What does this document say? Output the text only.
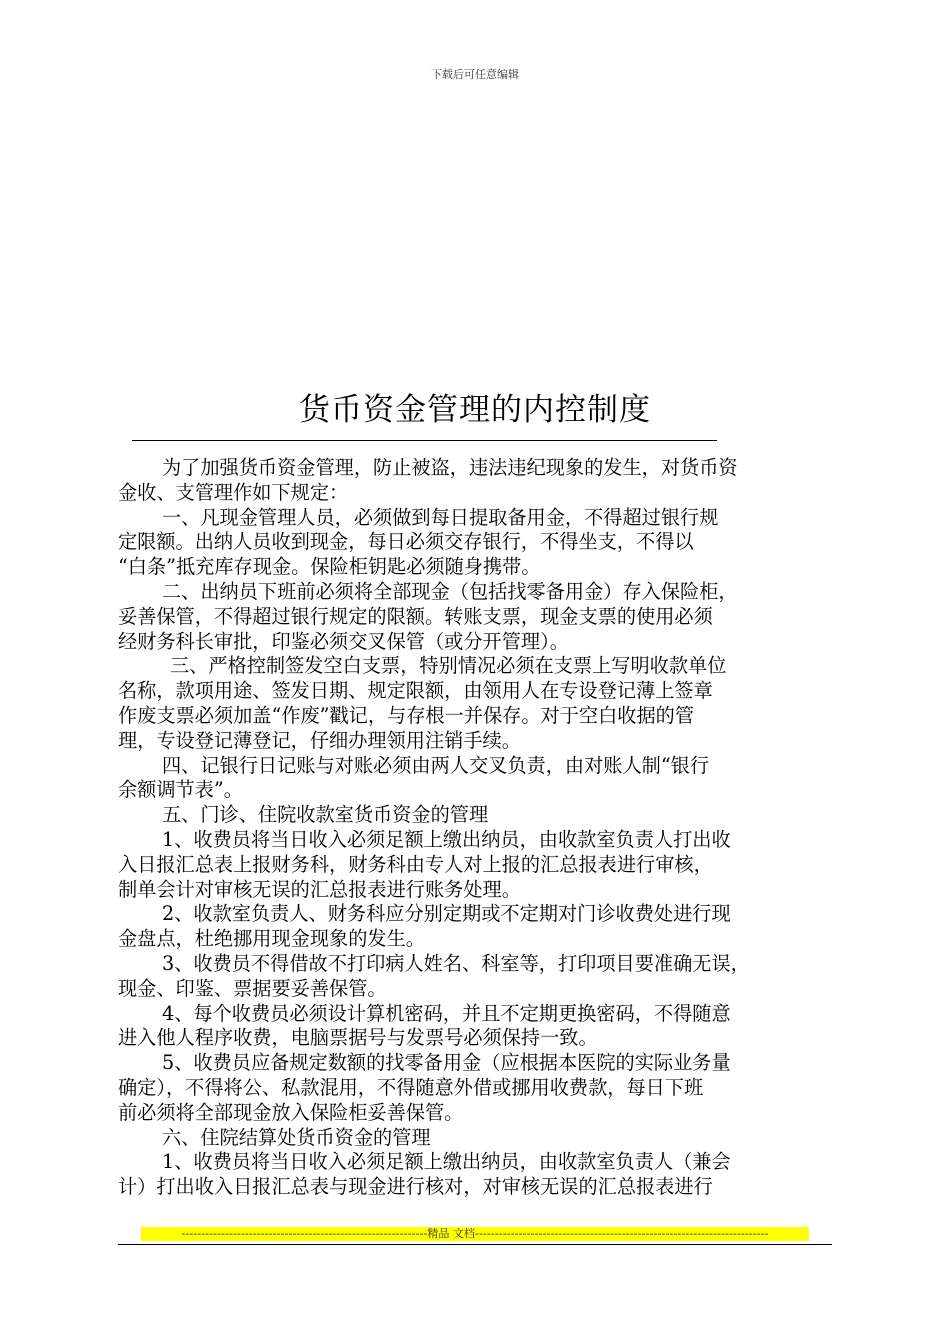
下载后可任意编辑
货币资金管理的内控制度

为了加强货币资金管理，防止被盗，违法违纪现象的发生，对货币资

金收、支管理作如下规定：

一、凡现金管理人员，必须做到每日提取备用金，不得超过银行规

定限额。出纳人员收到现金，每日必须交存银行，不得坐支，不得以

“白条”抵充库存现金。保险柜钥匙必须随身携带。

二、出纳员下班前必须将全部现金（包括找零备用金）存入保险柜，

妥善保管，不得超过银行规定的限额。转账支票，现金支票的使用必须

经财务科长审批，印鉴必须交叉保管（或分开管理）。

三、严格控制签发空白支票，特别情况必须在支票上写明收款单位

名称，款项用途、签发日期、规定限额，由领用人在专设登记薄上签章

作废支票必须加盖“作废”戳记，与存根一并保存。对于空白收据的管

理，专设登记薄登记，仔细办理领用注销手续。

四、记银行日记账与对账必须由两人交叉负责，由对账人制“银行

余额调节表”。

五、门诊、住院收款室货币资金的管理

1、收费员将当日收入必须足额上缴出纳员，由收款室负责人打出收

入日报汇总表上报财务科，财务科由专人对上报的汇总报表进行审核，

制单会计对审核无误的汇总报表进行账务处理。

2、收款室负责人、财务科应分别定期或不定期对门诊收费处进行现

金盘点，杜绝挪用现金现象的发生。

3、收费员不得借故不打印病人姓名、科室等，打印项目要准确无误，

现金、印鉴、票据要妥善保管。

4、每个收费员必须设计算机密码，并且不定期更换密码，不得随意

进入他人程序收费，电脑票据号与发票号必须保持一致。

5、收费员应备规定数额的找零备用金（应根据本医院的实际业务量

确定），不得将公、私款混用，不得随意外借或挪用收费款，每日下班

前必须将全部现金放入保险柜妥善保管。

六、住院结算处货币资金的管理

1、收费员将当日收入必须足额上缴出纳员，由收款室负责人（兼会

计）打出收入日报汇总表与现金进行核对，对审核无误的汇总报表进行

--------------------------------------------------------------精品 文档--------------------------------------------------------------------------
